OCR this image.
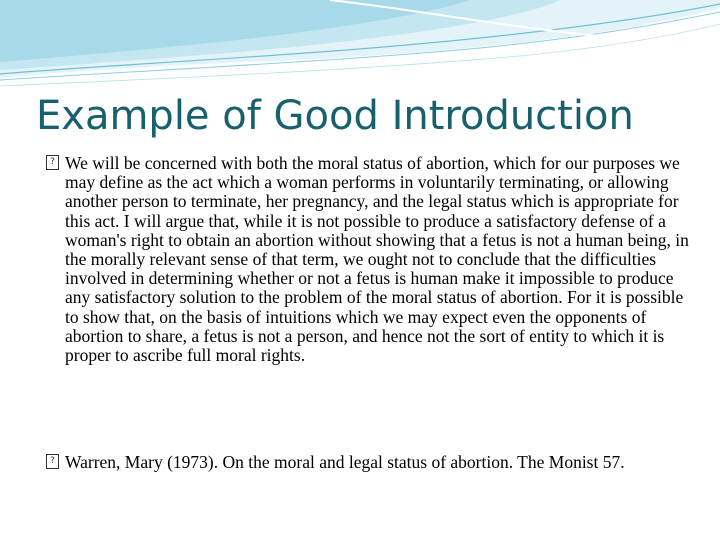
Example of Good Introduction
? We will be concerned with both the moral status of abortion, which for our purposes we may define as the act which a woman performs in voluntarily terminating, or allowing another person to terminate, her pregnancy, and the legal status which is appropriate for this act. I will argue that, while it is not possible to produce a satisfactory defense of a woman's right to obtain an abortion without showing that a fetus is not a human being, in the morally relevant sense of that term, we ought not to conclude that the difficulties involved in determining whether or not a fetus is human make it impossible to produce any satisfactory solution to the problem of the moral status of abortion. For it is possible to show that, on the basis of intuitions which we may expect even the opponents of abortion to share, a fetus is not a person, and hence not the sort of entity to which it is proper to ascribe full moral rights.
? Warren, Mary (1973). On the moral and legal status of abortion. The Monist 57.
